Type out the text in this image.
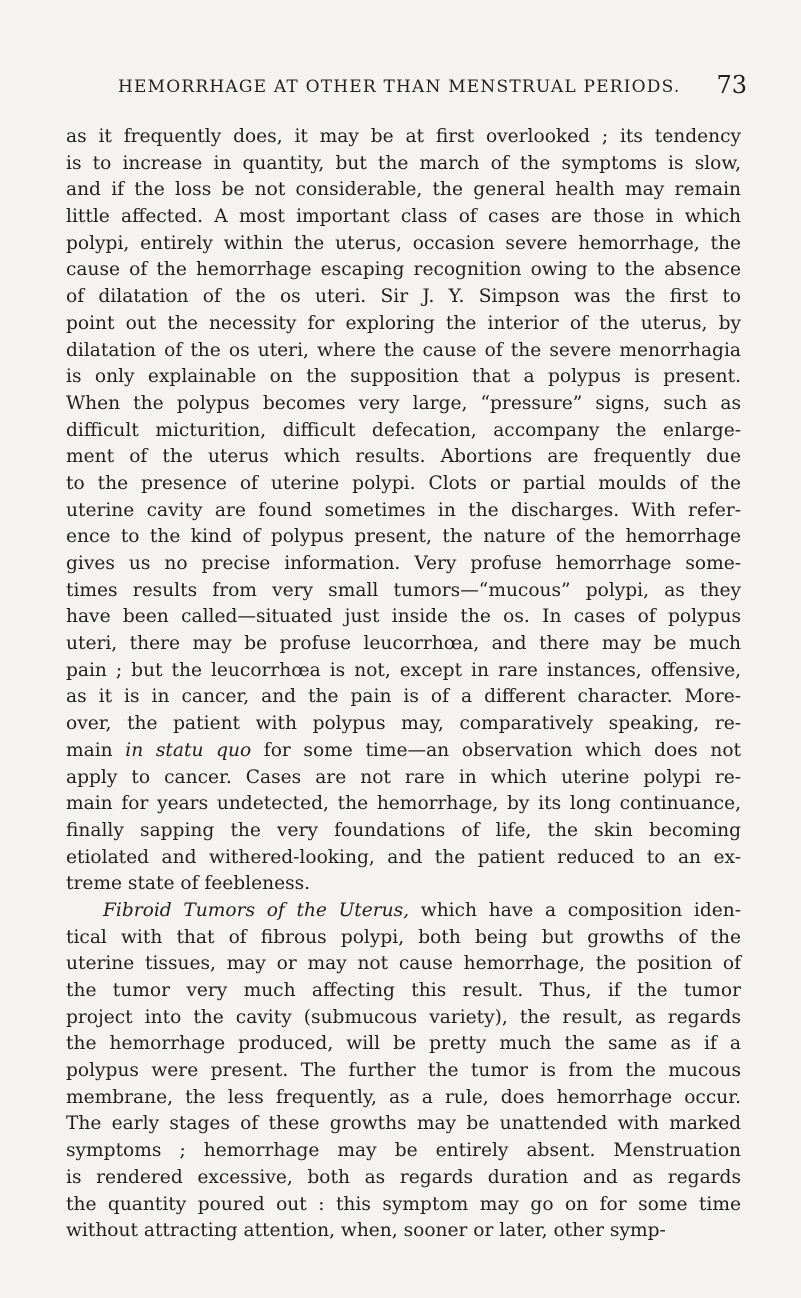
HEMORRHAGE AT OTHER THAN MENSTRUAL PERIODS.	73
as it frequently does, it may be at first overlooked ; its tendency
is to increase in quantity, but the march of the symptoms is slow,
and if the loss be not considerable, the general health may remain
little affected. A most important class of cases are those in which
polypi, entirely within the uterus, occasion severe hemorrhage, the
cause of the hemorrhage escaping recognition owing to the absence
of dilatation of the os uteri. Sir J. Y. Simpson was the first to
point out the necessity for exploring the interior of the uterus, by
dilatation of the os uteri, where the cause of the severe menorrhagia
is only explainable on the supposition that a polypus is present.
When the polypus becomes very large, “pressure” signs, such as
difficult micturition, difficult defecation, accompany the enlarge-
ment of the uterus which results. Abortions are frequently due
to the presence of uterine polypi. Clots or partial moulds of the
uterine cavity are found sometimes in the discharges. With refer-
ence to the kind of polypus present, the nature of the hemorrhage
gives us no precise information. Very profuse hemorrhage some-
times results from very small tumors—“mucous” polypi, as they
have been called—situated just inside the os. In cases of polypus
uteri, there may be profuse leucorrhœa, and there may be much
pain ; but the leucorrhœa is not, except in rare instances, offensive,
as it is in cancer, and the pain is of a different character. More-
over, the patient with polypus may, comparatively speaking, re-
main in statu quo for some time—an observation which does not
apply to cancer. Cases are not rare in which uterine polypi re-
main for years undetected, the hemorrhage, by its long continuance,
finally sapping the very foundations of life, the skin becoming
etiolated and withered-looking, and the patient reduced to an ex-
treme state of feebleness.
Fibroid Tumors of the Uterus, which have a composition iden-
tical with that of fibrous polypi, both being but growths of the
uterine tissues, may or may not cause hemorrhage, the position of
the tumor very much affecting this result. Thus, if the tumor
project into the cavity (submucous variety), the result, as regards
the hemorrhage produced, will be pretty much the same as if a
polypus were present. The further the tumor is from the mucous
membrane, the less frequently, as a rule, does hemorrhage occur.
The early stages of these growths may be unattended with marked
symptoms ; hemorrhage may be entirely absent. Menstruation
is rendered excessive, both as regards duration and as regards
the quantity poured out : this symptom may go on for some time
without attracting attention, when, sooner or later, other symp-
